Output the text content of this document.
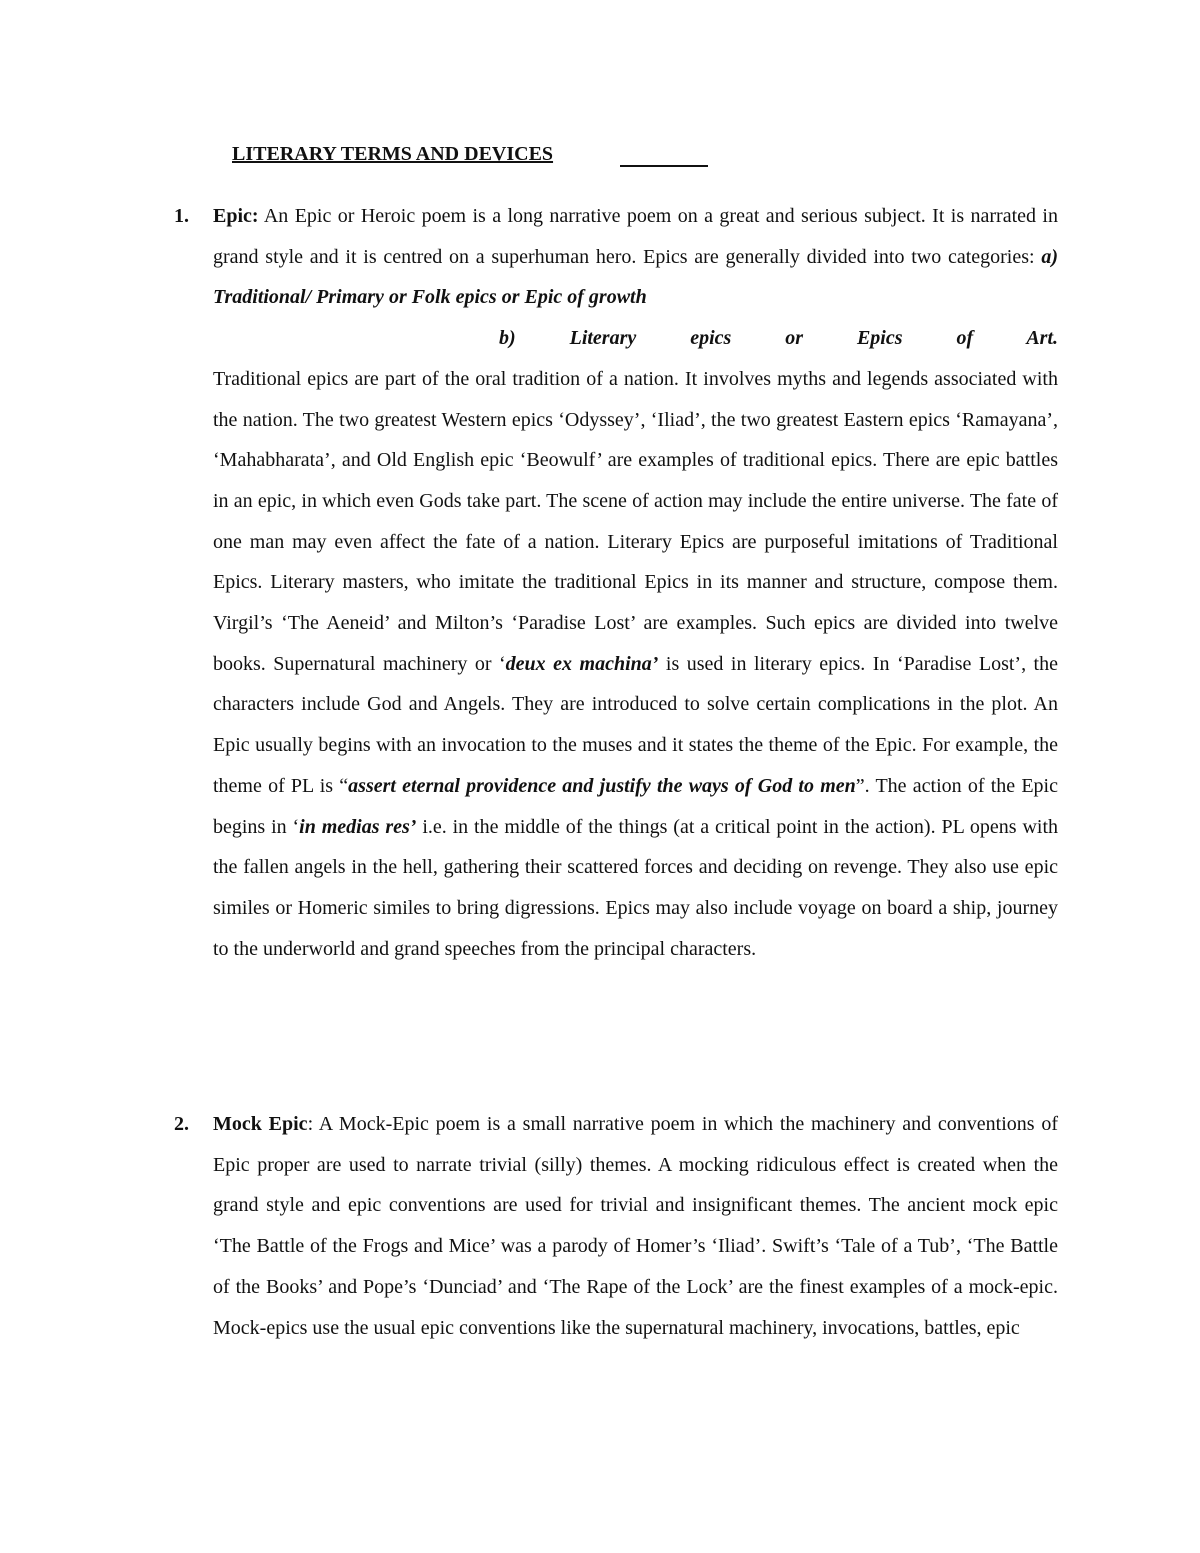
LITERARY TERMS AND DEVICES
1. Epic: An Epic or Heroic poem is a long narrative poem on a great and serious subject. It is narrated in grand style and it is centred on a superhuman hero. Epics are generally divided into two categories: a) Traditional/ Primary or Folk epics or Epic of growth
b) Literary epics or Epics of Art.
Traditional epics are part of the oral tradition of a nation. It involves myths and legends associated with the nation. The two greatest Western epics ‘Odyssey’, ‘Iliad’, the two greatest Eastern epics ‘Ramayana’, ‘Mahabharata’, and Old English epic ‘Beowulf’ are examples of traditional epics. There are epic battles in an epic, in which even Gods take part. The scene of action may include the entire universe. The fate of one man may even affect the fate of a nation. Literary Epics are purposeful imitations of Traditional Epics. Literary masters, who imitate the traditional Epics in its manner and structure, compose them. Virgil’s ‘The Aeneid’ and Milton’s ‘Paradise Lost’ are examples. Such epics are divided into twelve books. Supernatural machinery or ‘deux ex machina’ is used in literary epics. In ‘Paradise Lost’, the characters include God and Angels. They are introduced to solve certain complications in the plot. An Epic usually begins with an invocation to the muses and it states the theme of the Epic. For example, the theme of PL is “assert eternal providence and justify the ways of God to men”. The action of the Epic begins in ‘in medias res’ i.e. in the middle of the things (at a critical point in the action). PL opens with the fallen angels in the hell, gathering their scattered forces and deciding on revenge. They also use epic similes or Homeric similes to bring digressions. Epics may also include voyage on board a ship, journey to the underworld and grand speeches from the principal characters.
2. Mock Epic: A Mock-Epic poem is a small narrative poem in which the machinery and conventions of Epic proper are used to narrate trivial (silly) themes. A mocking ridiculous effect is created when the grand style and epic conventions are used for trivial and insignificant themes. The ancient mock epic ‘The Battle of the Frogs and Mice’ was a parody of Homer’s ‘Iliad’. Swift’s ‘Tale of a Tub’, ‘The Battle of the Books’ and Pope’s ‘Dunciad’ and ‘The Rape of the Lock’ are the finest examples of a mock-epic. Mock-epics use the usual epic conventions like the supernatural machinery, invocations, battles, epic
